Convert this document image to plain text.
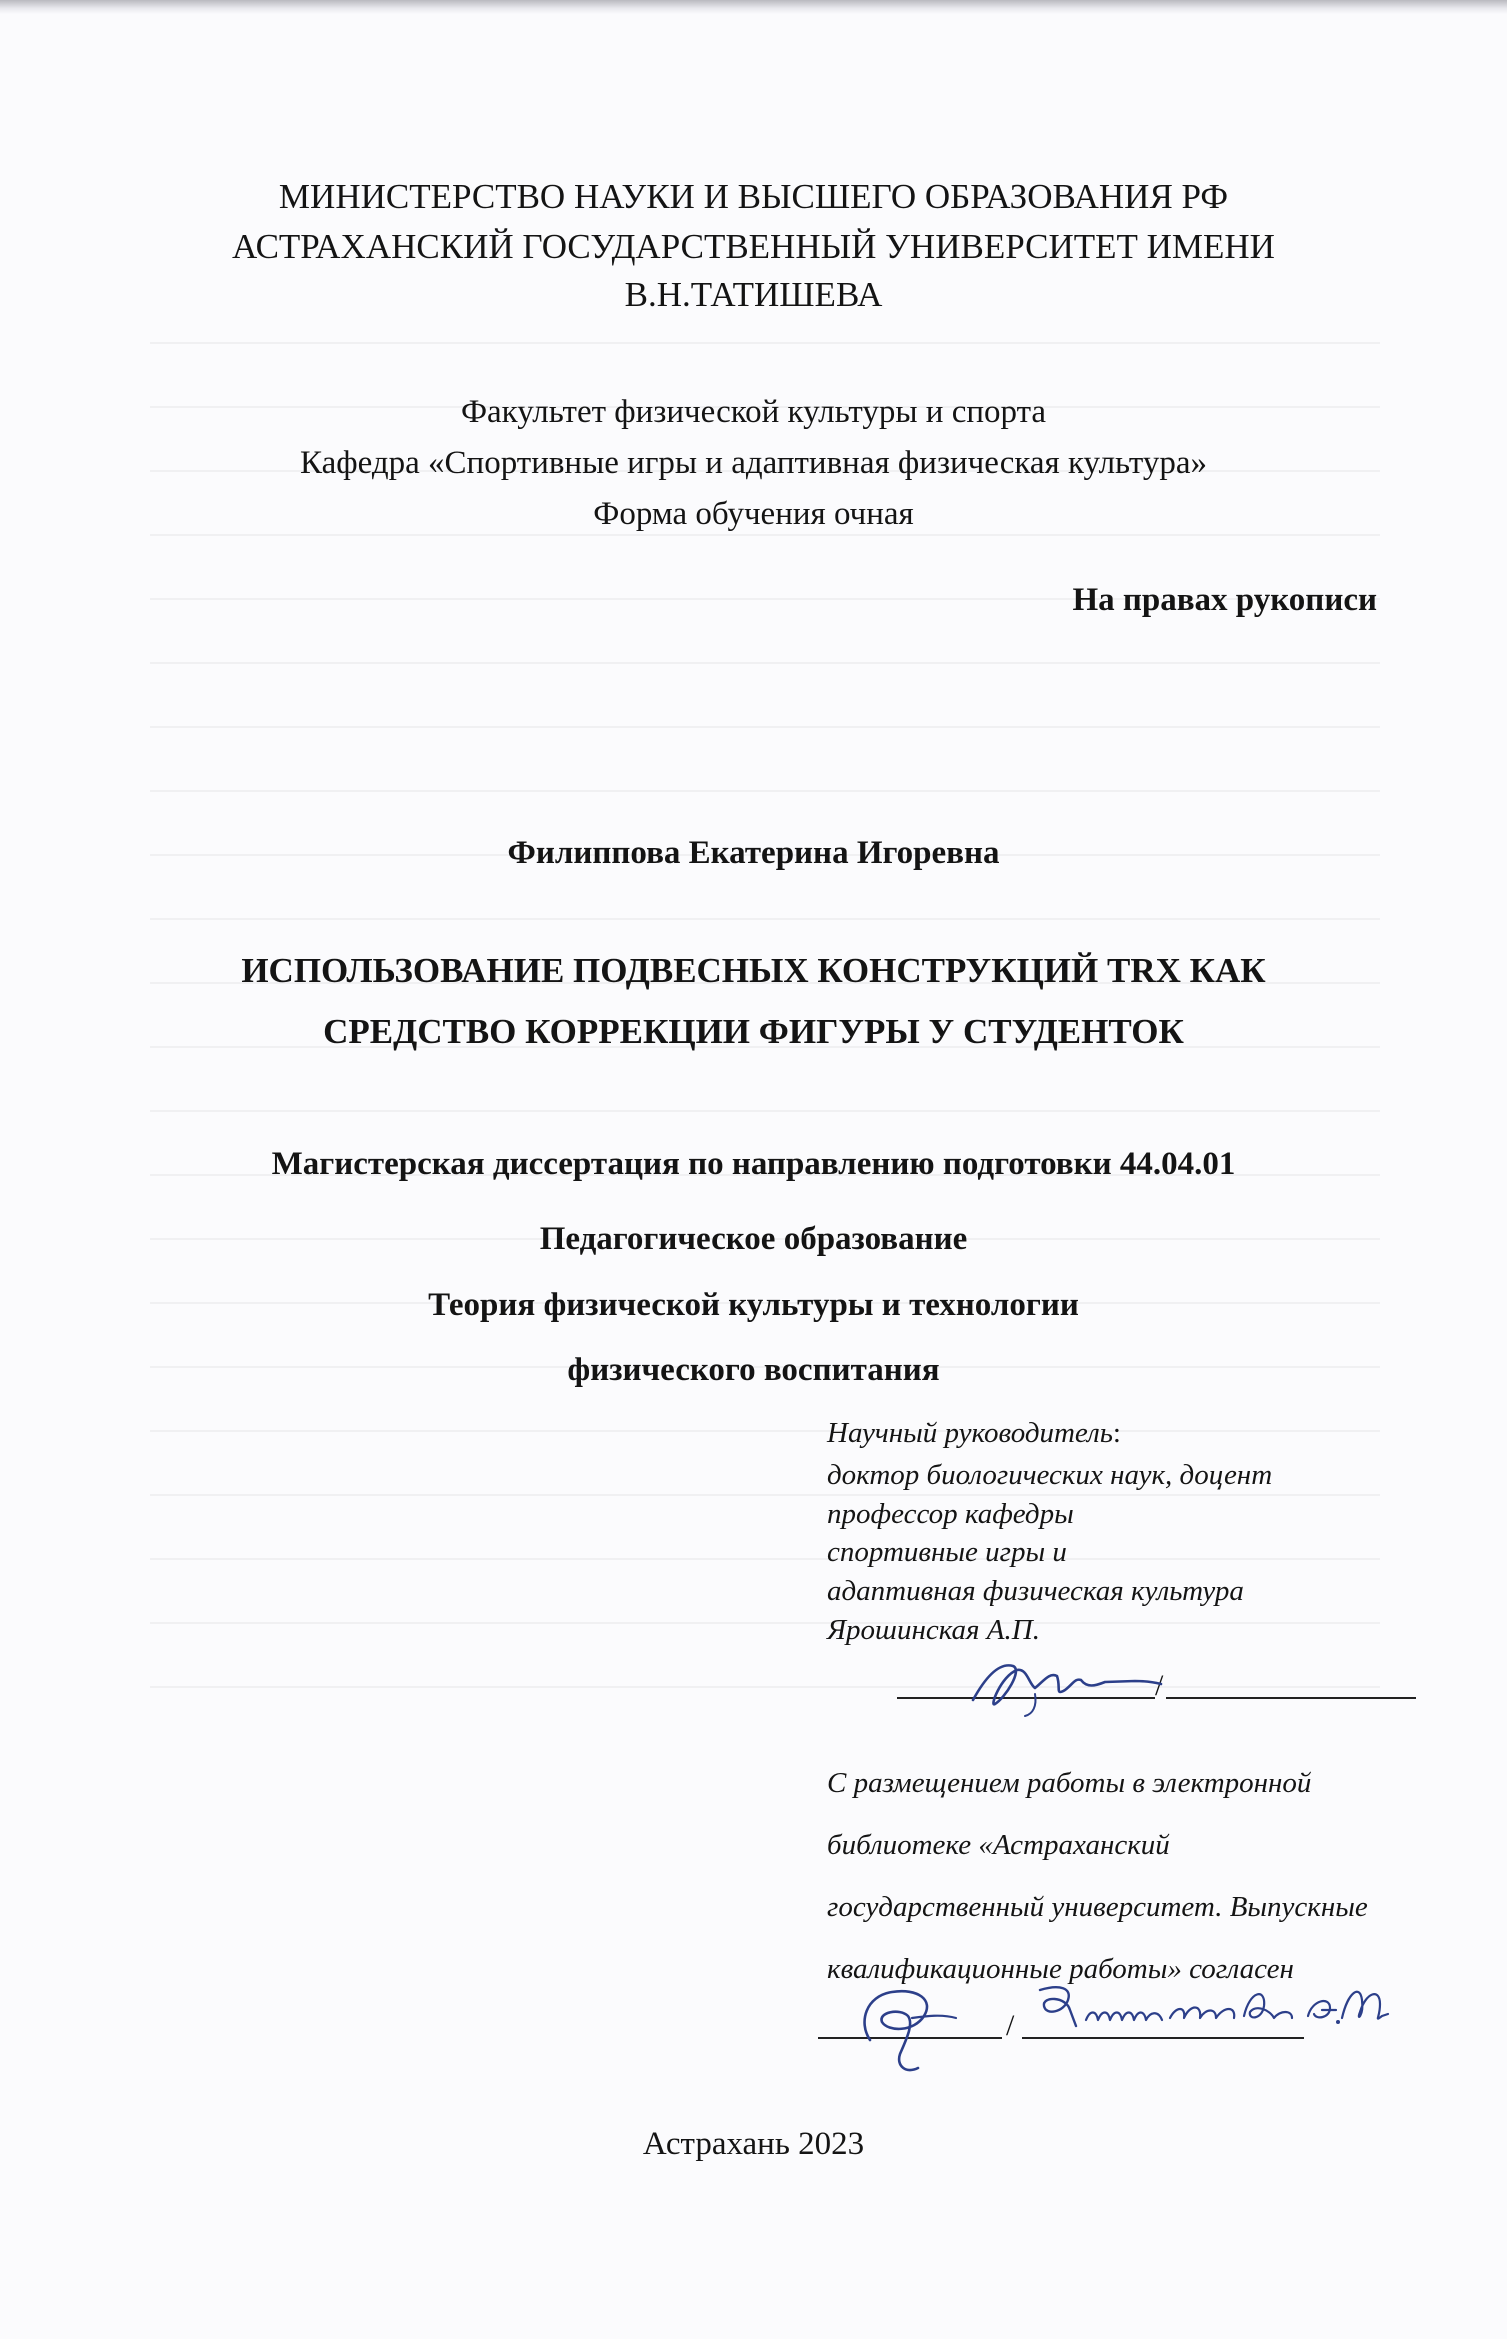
МИНИСТЕРСТВО НАУКИ И ВЫСШЕГО ОБРАЗОВАНИЯ РФ
АСТРАХАНСКИЙ ГОСУДАРСТВЕННЫЙ УНИВЕРСИТЕТ ИМЕНИ
В.Н.ТАТИШЕВА
Факультет физической культуры и спорта
Кафедра «Спортивные игры и адаптивная физическая культура»
Форма обучения очная
На правах рукописи
Филиппова Екатерина Игоревна
ИСПОЛЬЗОВАНИЕ ПОДВЕСНЫХ КОНСТРУКЦИЙ TRX КАК
СРЕДСТВО КОРРЕКЦИИ ФИГУРЫ У СТУДЕНТОК
Магистерская диссертация по направлению подготовки 44.04.01
Педагогическое образование
Теория физической культуры и технологии
физического воспитания
Научный руководитель:
доктор биологических наук, доцент
профессор кафедры
спортивные игры и
адаптивная физическая культура
Ярошинская А.П.
/
С размещением работы в электронной
библиотеке «Астраханский
государственный университет. Выпускные
квалификационные работы» согласен
/
Астрахань 2023
